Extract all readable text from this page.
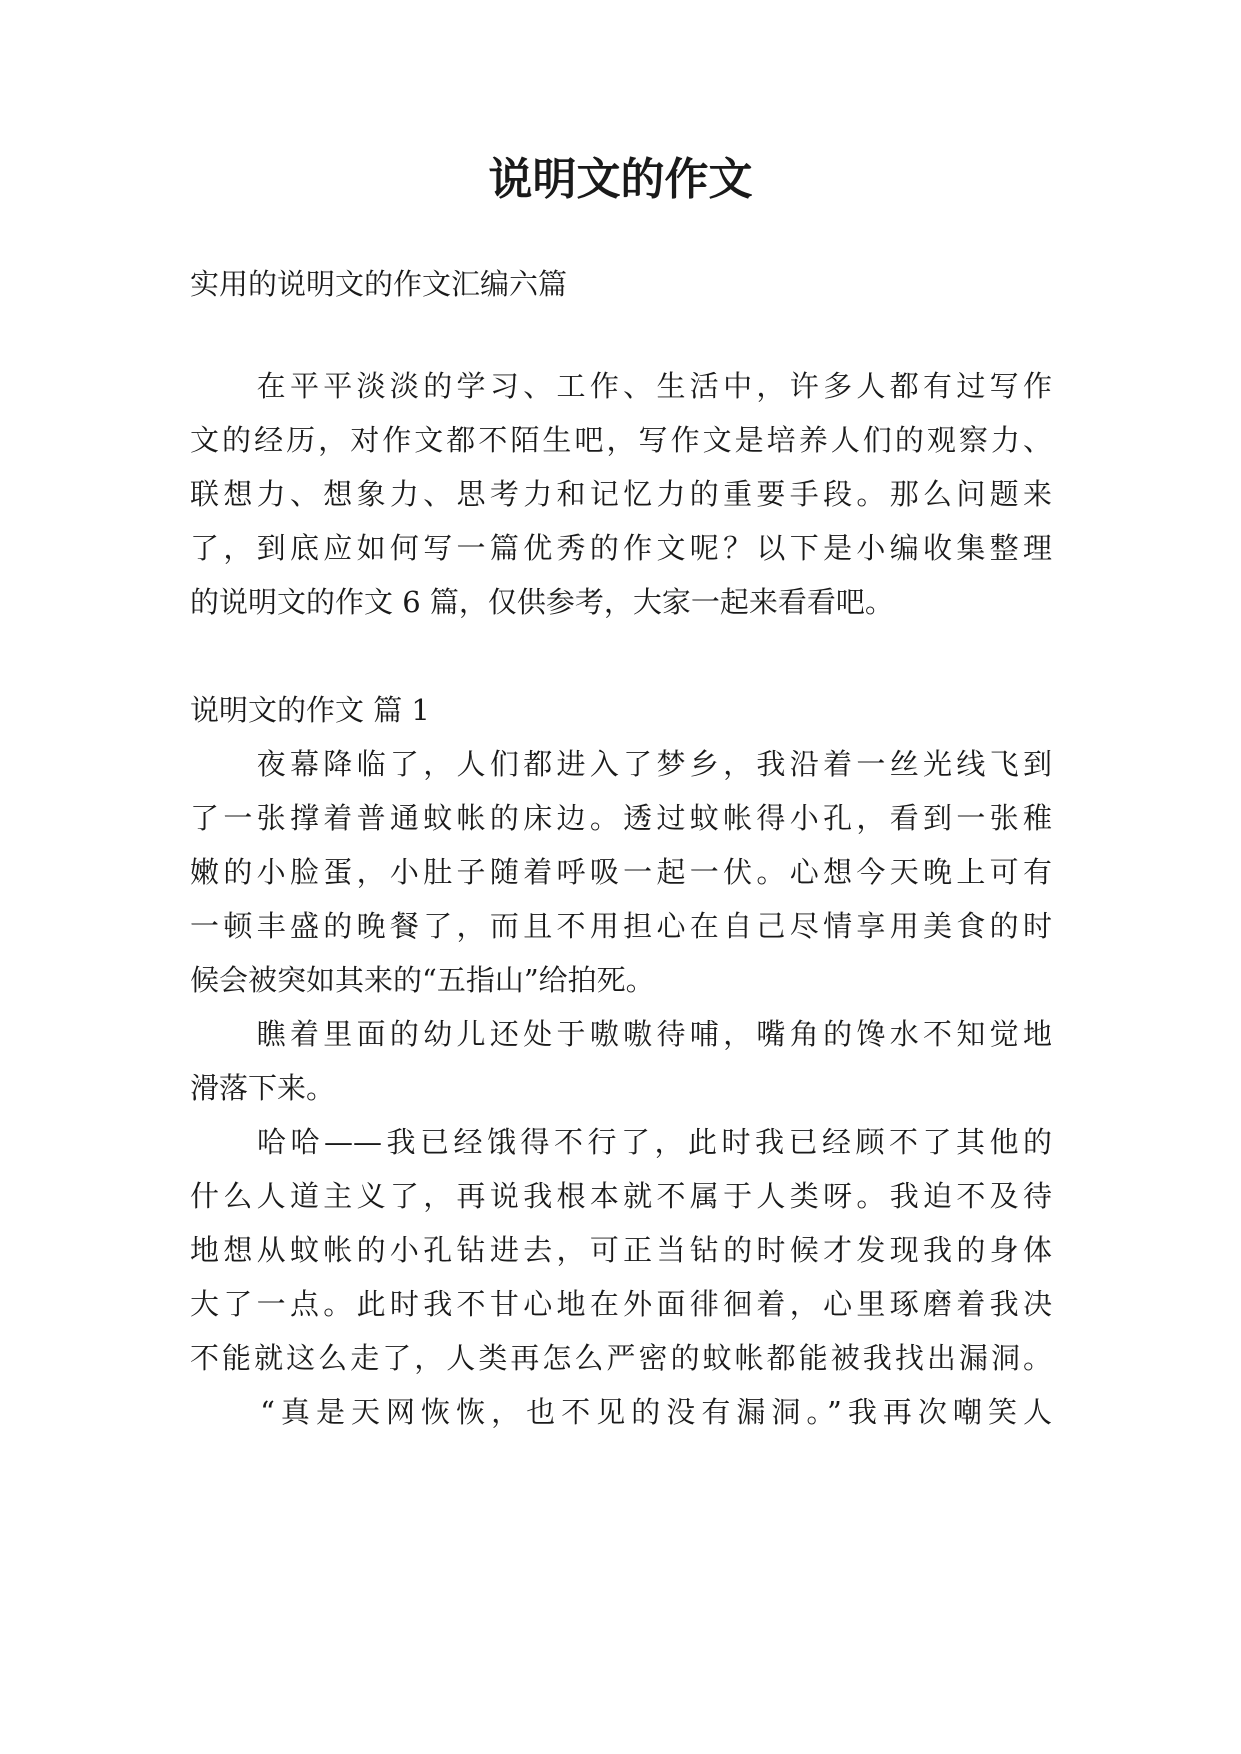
说明文的作文

实用的说明文的作文汇编六篇

　　在平平淡淡的学习、工作、生活中，许多人都有过写作

文的经历，对作文都不陌生吧，写作文是培养人们的观察力、

联想力、想象力、思考力和记忆力的重要手段。那么问题来

了，到底应如何写一篇优秀的作文呢？以下是小编收集整理

的说明文的作文 6 篇，仅供参考，大家一起来看看吧。

说明文的作文 篇 1

　　夜幕降临了，人们都进入了梦乡，我沿着一丝光线飞到

了一张撑着普通蚊帐的床边。透过蚊帐得小孔，看到一张稚

嫩的小脸蛋，小肚子随着呼吸一起一伏。心想今天晚上可有

一顿丰盛的晚餐了，而且不用担心在自己尽情享用美食的时

候会被突如其来的“五指山”给拍死。

　　瞧着里面的幼儿还处于嗷嗷待哺，嘴角的馋水不知觉地

滑落下来。

　　哈哈——我已经饿得不行了，此时我已经顾不了其他的

什么人道主义了，再说我根本就不属于人类呀。我迫不及待

地想从蚊帐的小孔钻进去，可正当钻的时候才发现我的身体

大了一点。此时我不甘心地在外面徘徊着，心里琢磨着我决

不能就这么走了，人类再怎么严密的蚊帐都能被我找出漏洞。

　　“真是天网恢恢，也不见的没有漏洞。”我再次嘲笑人
